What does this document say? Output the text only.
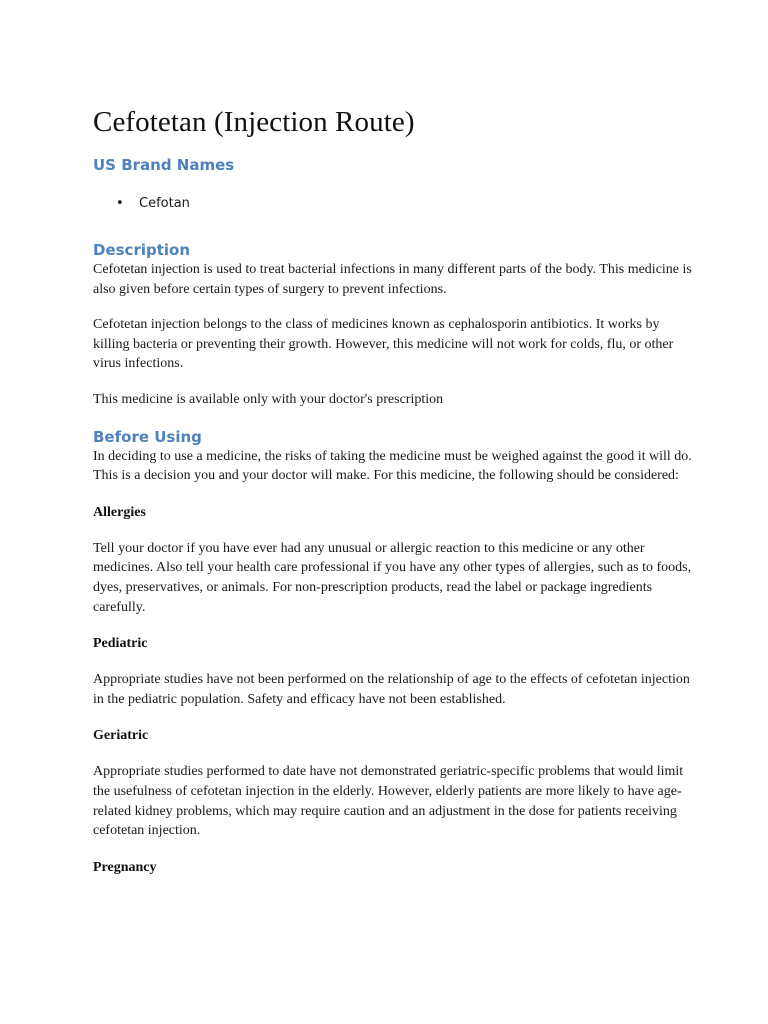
Cefotetan (Injection Route)
US Brand Names
• Cefotan
Description

Cefotetan injection is used to treat bacterial infections in many different parts of the body. This medicine is also given before certain types of surgery to prevent infections.

Cefotetan injection belongs to the class of medicines known as cephalosporin antibiotics. It works by killing bacteria or preventing their growth. However, this medicine will not work for colds, flu, or other virus infections.

This medicine is available only with your doctor's prescription

Before Using

In deciding to use a medicine, the risks of taking the medicine must be weighed against the good it will do. This is a decision you and your doctor will make. For this medicine, the following should be considered:

Allergies

Tell your doctor if you have ever had any unusual or allergic reaction to this medicine or any other medicines. Also tell your health care professional if you have any other types of allergies, such as to foods, dyes, preservatives, or animals. For non-prescription products, read the label or package ingredients carefully.

Pediatric

Appropriate studies have not been performed on the relationship of age to the effects of cefotetan injection in the pediatric population. Safety and efficacy have not been established.

Geriatric

Appropriate studies performed to date have not demonstrated geriatric-specific problems that would limit the usefulness of cefotetan injection in the elderly. However, elderly patients are more likely to have age-related kidney problems, which may require caution and an adjustment in the dose for patients receiving cefotetan injection.

Pregnancy
